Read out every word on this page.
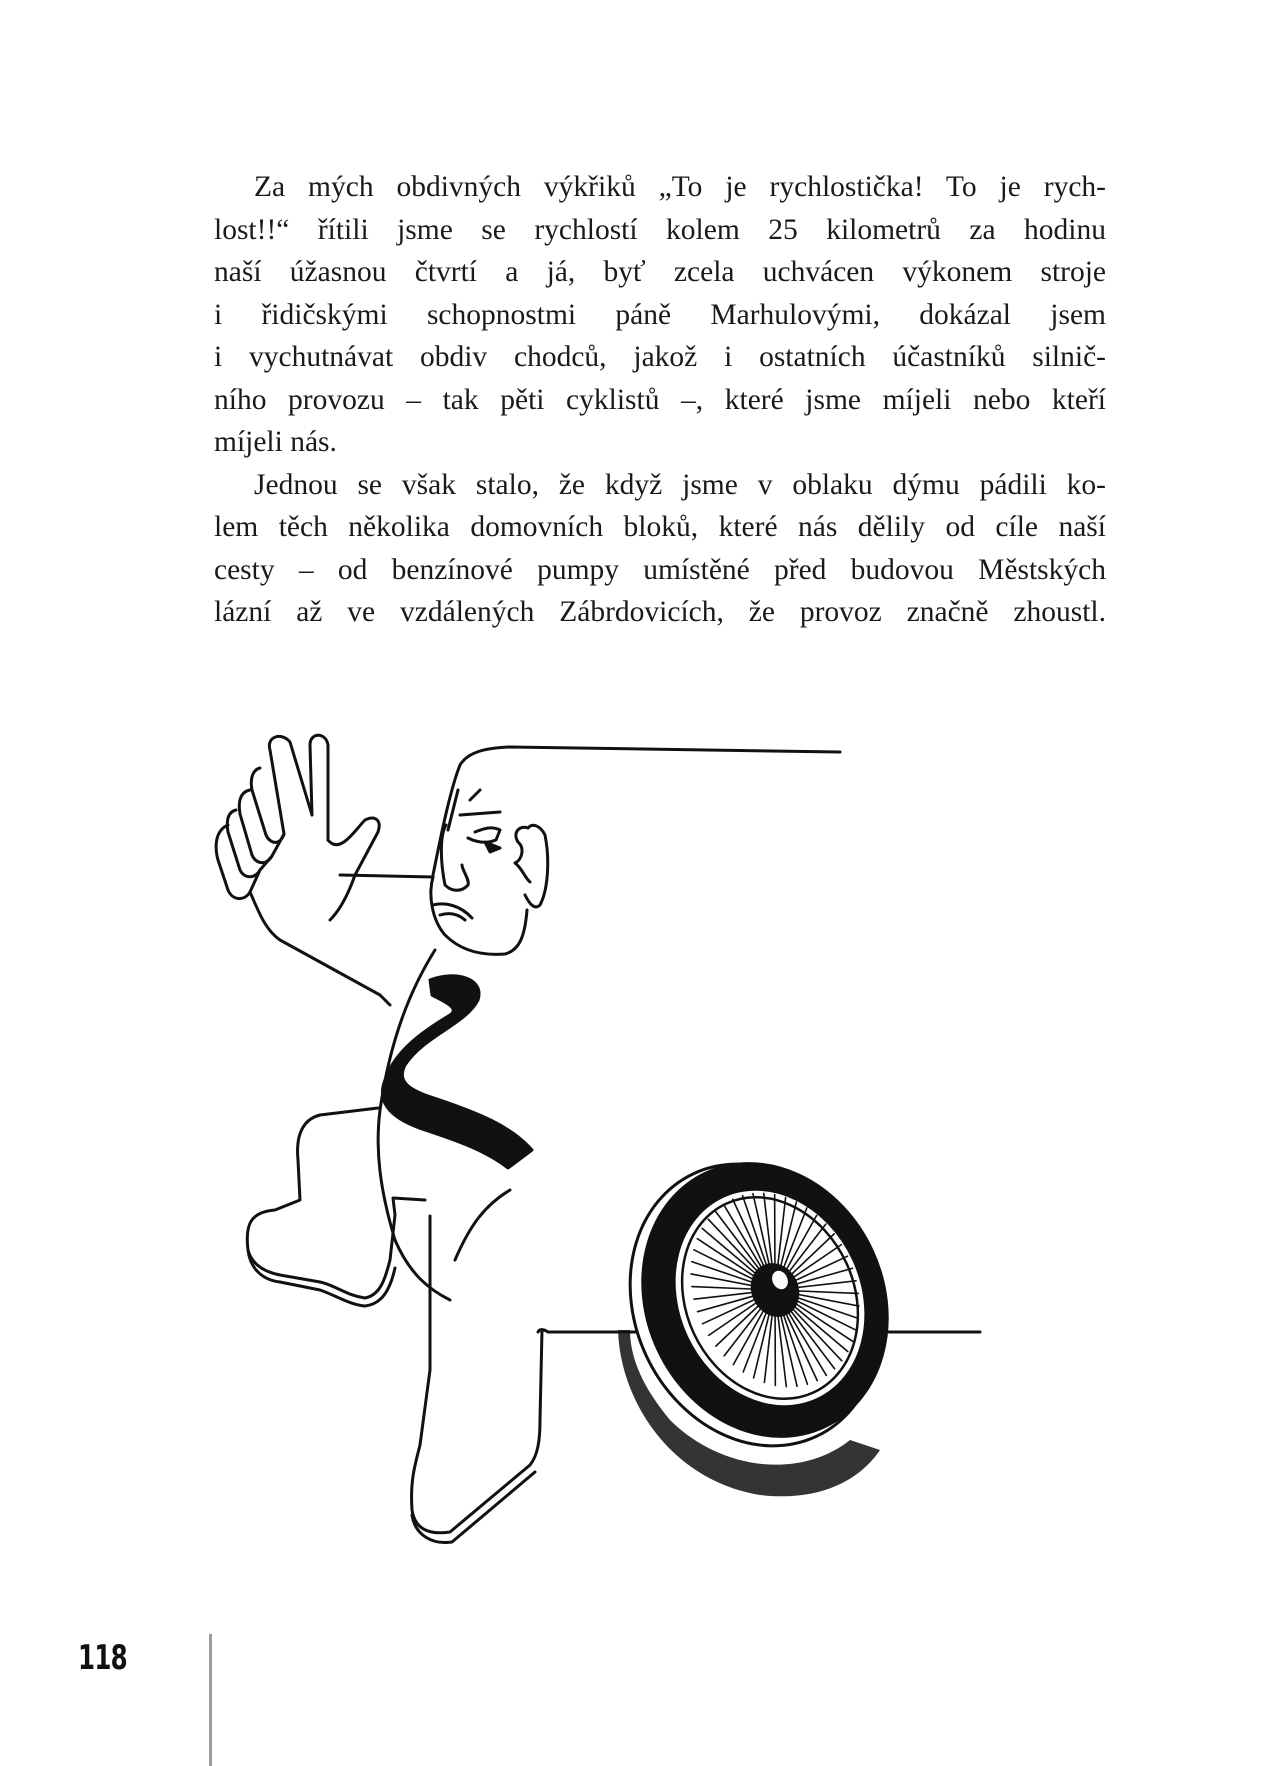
Za mých obdivných výkřiků „To je rychlostička! To je rych-
lost!!“ řítili jsme se rychlostí kolem 25 kilometrů za hodinu
naší úžasnou čtvrtí a já, byť zcela uchvácen výkonem stroje
i řidičskými schopnostmi páně Marhulovými, dokázal jsem
i vychutnávat obdiv chodců, jakož i ostatních účastníků silnič-
ního provozu – tak pěti cyklistů –, které jsme míjeli nebo kteří
míjeli nás.
Jednou se však stalo, že když jsme v oblaku dýmu pádili ko-
lem těch několika domovních bloků, které nás dělily od cíle naší
cesty – od benzínové pumpy umístěné před budovou Městských
lázní až ve vzdálených Zábrdovicích, že provoz značně zhoustl.
118
